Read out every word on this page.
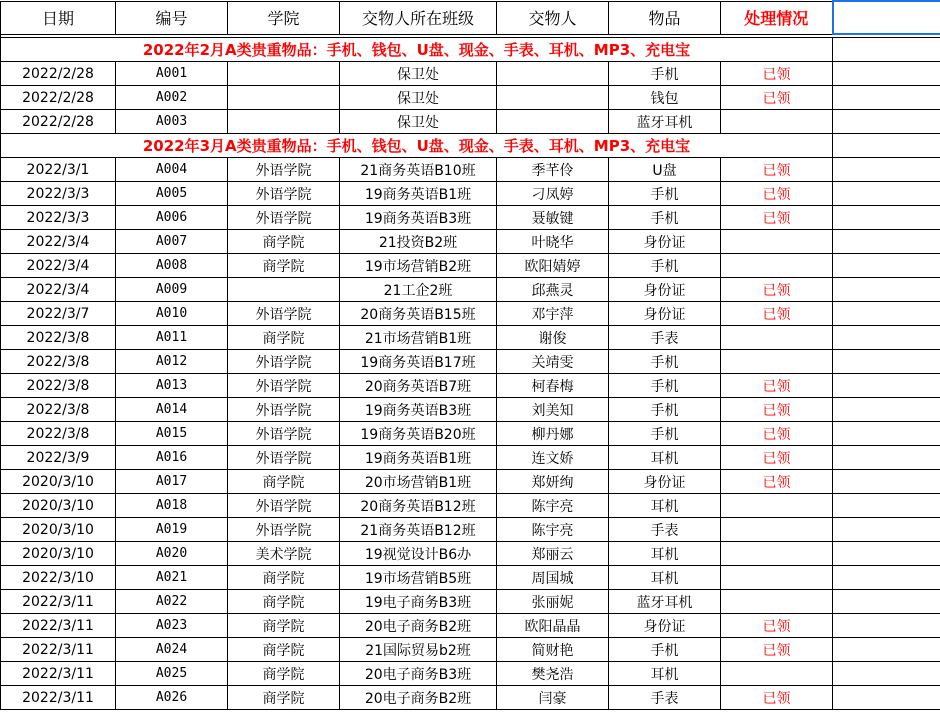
日期	编号	学院	交物人所在班级	交物人	物品	处理情况	

2022年2月A类贵重物品：手机、钱包、U盘、现金、手表、耳机、MP3、充电宝							
2022/2/28	A001		保卫处		手机	已领	
2022/2/28	A002		保卫处		钱包	已领	
2022/2/28	A003		保卫处		蓝牙耳机		
2022年3月A类贵重物品：手机、钱包、U盘、现金、手表、耳机、MP3、充电宝							
2022/3/1	A004	外语学院	21商务英语B10班	季芊伶	U盘	已领	
2022/3/3	A005	外语学院	19商务英语B1班	刁凤婷	手机	已领	
2022/3/3	A006	外语学院	19商务英语B3班	聂敏键	手机	已领	
2022/3/4	A007	商学院	21投资B2班	叶晓华	身份证		
2022/3/4	A008	商学院	19市场营销B2班	欧阳婧婷	手机		
2022/3/4	A009		21工企2班	邱燕灵	身份证	已领	
2022/3/7	A010	外语学院	20商务英语B15班	邓宇萍	身份证	已领	
2022/3/8	A011	商学院	21市场营销B1班	谢俊	手表		
2022/3/8	A012	外语学院	19商务英语B17班	关靖雯	手机		
2022/3/8	A013	外语学院	20商务英语B7班	柯春梅	手机	已领	
2022/3/8	A014	外语学院	19商务英语B3班	刘美知	手机	已领	
2022/3/8	A015	外语学院	19商务英语B20班	柳丹娜	手机	已领	
2022/3/9	A016	外语学院	19商务英语B1班	连文娇	耳机	已领	
2020/3/10	A017	商学院	20市场营销B1班	郑妍绚	身份证	已领	
2020/3/10	A018	外语学院	20商务英语B12班	陈宇亮	耳机		
2020/3/10	A019	外语学院	21商务英语B12班	陈宇亮	手表		
2020/3/10	A020	美术学院	19视觉设计B6办	郑丽云	耳机		
2022/3/10	A021	商学院	19市场营销B5班	周国城	耳机		
2022/3/11	A022	商学院	19电子商务B3班	张丽妮	蓝牙耳机		
2022/3/11	A023	商学院	20电子商务B2班	欧阳晶晶	身份证	已领	
2022/3/11	A024	商学院	21国际贸易b2班	简财艳	手机	已领	
2022/3/11	A025	商学院	20电子商务B3班	樊尧浩	耳机		
2022/3/11	A026	商学院	20电子商务B2班	闫豪	手表	已领	
